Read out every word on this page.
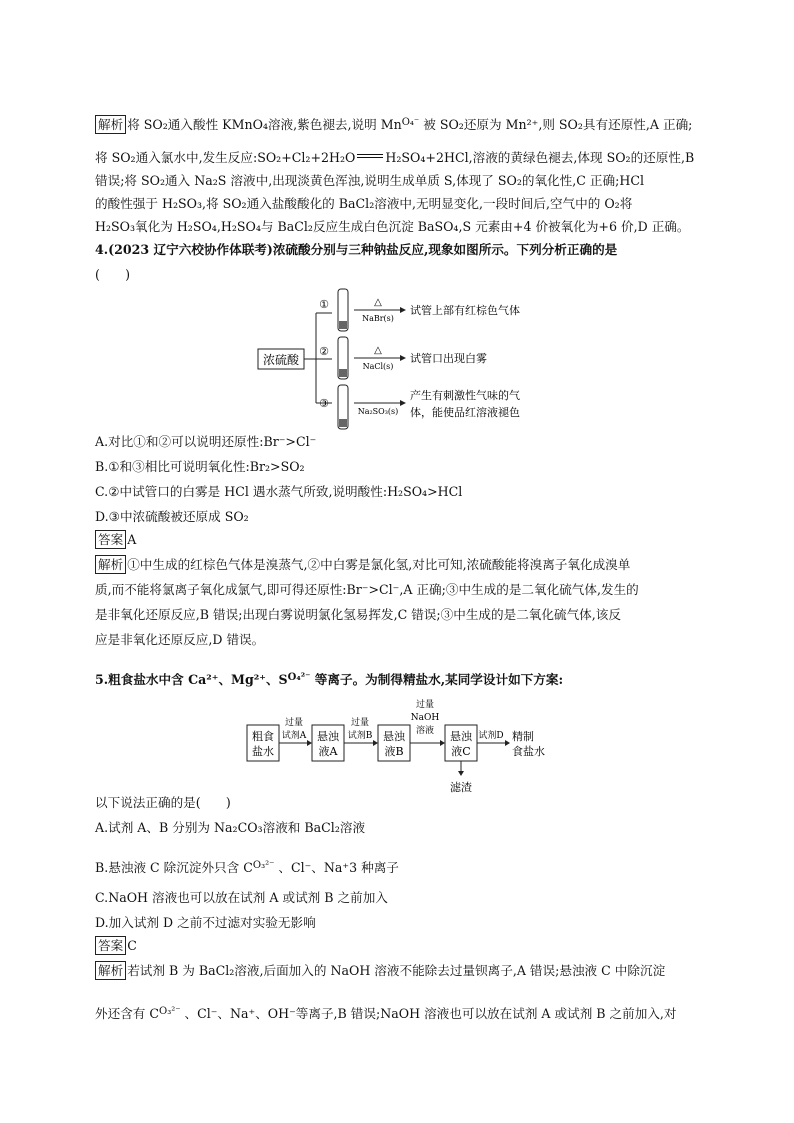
解析 将 SO₂通入酸性 KMnO₄溶液,紫色褪去,说明 $Mn^{O_4^-}$ 被 SO₂还原为 Mn²⁺,则 SO₂具有还原性,A 正确;
将 SO₂通入氯水中,发生反应:SO₂+Cl₂+2H₂O H₂SO₄+2HCl,溶液的黄绿色褪去,体现 SO₂的还原性,B
错误;将 SO₂通入 Na₂S 溶液中,出现淡黄色浑浊,说明生成单质 S,体现了 SO₂的氧化性,C 正确;HCl
的酸性强于 H₂SO₃,将 SO₂通入盐酸酸化的 BaCl₂溶液中,无明显变化,一段时间后,空气中的 O₂将
H₂SO₃氧化为 H₂SO₄,H₂SO₄与 BaCl₂反应生成白色沉淀 BaSO₄,S 元素由+4 价被氧化为+6 价,D 正确。
4.(2023 辽宁六校协作体联考)浓硫酸分别与三种钠盐反应,现象如图所示。下列分析正确的是
(　　)
浓硫酸
①	△
NaBr(s)
试管上部有红棕色气体
②	△
NaCl(s)
试管口出现白雾
③
Na₂SO₃(s)
产生有刺激性气味的气
体，能使品红溶液褪色
A.对比①和②可以说明还原性:Br⁻>Cl⁻
B.①和③相比可说明氧化性:Br₂>SO₂
C.②中试管口的白雾是 HCl 遇水蒸气所致,说明酸性:H₂SO₄>HCl
D.③中浓硫酸被还原成 SO₂
答案 A
解析 ①中生成的红棕色气体是溴蒸气,②中白雾是氯化氢,对比可知,浓硫酸能将溴离子氧化成溴单
质,而不能将氯离子氧化成氯气,即可得还原性:Br⁻>Cl⁻,A 正确;③中生成的是二氧化硫气体,发生的
是非氧化还原反应,B 错误;出现白雾说明氯化氢易挥发,C 错误;③中生成的是二氧化硫气体,该反
应是非氧化还原反应,D 错误。
5.粗食盐水中含 Ca²⁺、Mg²⁺、$S^{O_4^{2-}}$ 等离子。为制得精盐水,某同学设计如下方案:
粗食
盐水
过量
试剂A 悬浊
液A
过量
试剂B 悬浊
液B
过量
NaOH
溶液 悬浊
液C
试剂D 精制
食盐水
滤渣
以下说法正确的是(　　)
A.试剂 A、B 分别为 Na₂CO₃溶液和 BaCl₂溶液
B.悬浊液 C 除沉淀外只含 $C^{O_3^{2-}}$ 、Cl⁻、Na⁺3 种离子
C.NaOH 溶液也可以放在试剂 A 或试剂 B 之前加入
D.加入试剂 D 之前不过滤对实验无影响
答案 C
解析 若试剂 B 为 BaCl₂溶液,后面加入的 NaOH 溶液不能除去过量钡离子,A 错误;悬浊液 C 中除沉淀
外还含有 $C^{O_3^{2-}}$ 、Cl⁻、Na⁺、OH⁻等离子,B 错误;NaOH 溶液也可以放在试剂 A 或试剂 B 之前加入,对
